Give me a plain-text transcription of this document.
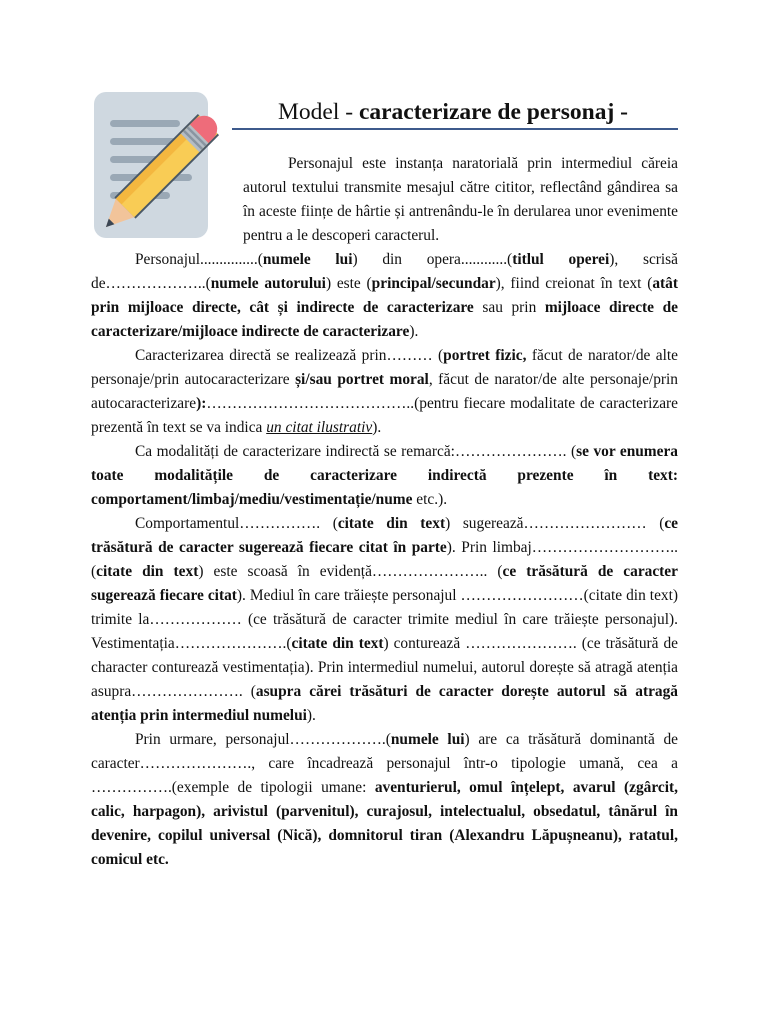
Model - caracterizare de personaj -

Personajul este instanța naratorială prin intermediul căreia autorul textului transmite mesajul către cititor, reflectând gândirea sa în aceste ființe de hârtie și antrenându-le în derularea unor evenimente pentru a le descoperi caracterul.

Personajul...............(numele lui) din opera............(titlul operei), scrisă de………………..(numele autorului) este (principal/secundar), fiind creionat în text (atât prin mijloace directe, cât și indirecte de caracterizare sau prin mijloace directe de caracterizare/mijloace indirecte de caracterizare).

Caracterizarea directă se realizează prin……… (portret fizic, făcut de narator/de alte personaje/prin autocaracterizare și/sau portret moral, făcut de narator/de alte personaje/prin autocaracterizare):…………………………………..(pentru fiecare modalitate de caracterizare prezentă în text se va indica un citat ilustrativ).

Ca modalități de caracterizare indirectă se remarcă:…………………. (se vor enumera toate modalitățile de caracterizare indirectă prezente în text: comportament/limbaj/mediu/vestimentație/nume etc.).

Comportamentul……………. (citate din text) sugerează…………………… (ce trăsătură de caracter sugerează fiecare citat în parte). Prin limbaj……………………….. (citate din text) este scoasă în evidență………………….. (ce trăsătură de caracter sugerează fiecare citat). Mediul în care trăiește personajul ……………………(citate din text) trimite la……………… (ce trăsătură de caracter trimite mediul în care trăiește personajul). Vestimentația………………….(citate din text) conturează …………………. (ce trăsătură de character conturează vestimentația). Prin intermediul numelui, autorul dorește să atragă atenția asupra…………………. (asupra cărei trăsături de caracter dorește autorul să atragă atenția prin intermediul numelui).

Prin urmare, personajul……………….(numele lui) are ca trăsătură dominantă de caracter…………………., care încadrează personajul într-o tipologie umană, cea a …………….(exemple de tipologii umane: aventurierul, omul înțelept, avarul (zgârcit, calic, harpagon), arivistul (parvenitul), curajosul, intelectualul, obsedatul, tânărul în devenire, copilul universal (Nică), domnitorul tiran (Alexandru Lăpușneanu), ratatul, comicul etc.
